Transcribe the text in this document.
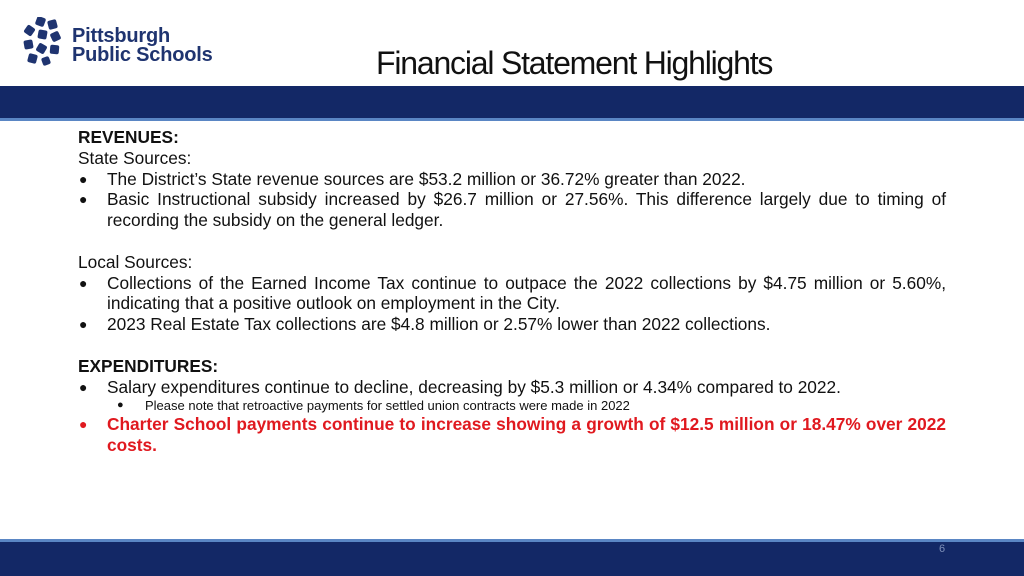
Pittsburgh
Public Schools	Financial Statement Highlights

REVENUES:

State Sources:

● The District’s State revenue sources are $53.2 million or 36.72% greater than 2022.
● Basic Instructional subsidy increased by $26.7 million or 27.56%. This difference largely due to timing of recording the subsidy on the general ledger.

Local Sources:

● Collections of the Earned Income Tax continue to outpace the 2022 collections by $4.75 million or 5.60%, indicating that a positive outlook on employment in the City.
● 2023 Real Estate Tax collections are $4.8 million or 2.57% lower than 2022 collections.

EXPENDITURES:

● Salary expenditures continue to decline, decreasing by $5.3 million or 4.34% compared to 2022.
● Please note that retroactive payments for settled union contracts were made in 2022
● Charter School payments continue to increase showing a growth of $12.5 million or 18.47% over 2022 costs.
6
